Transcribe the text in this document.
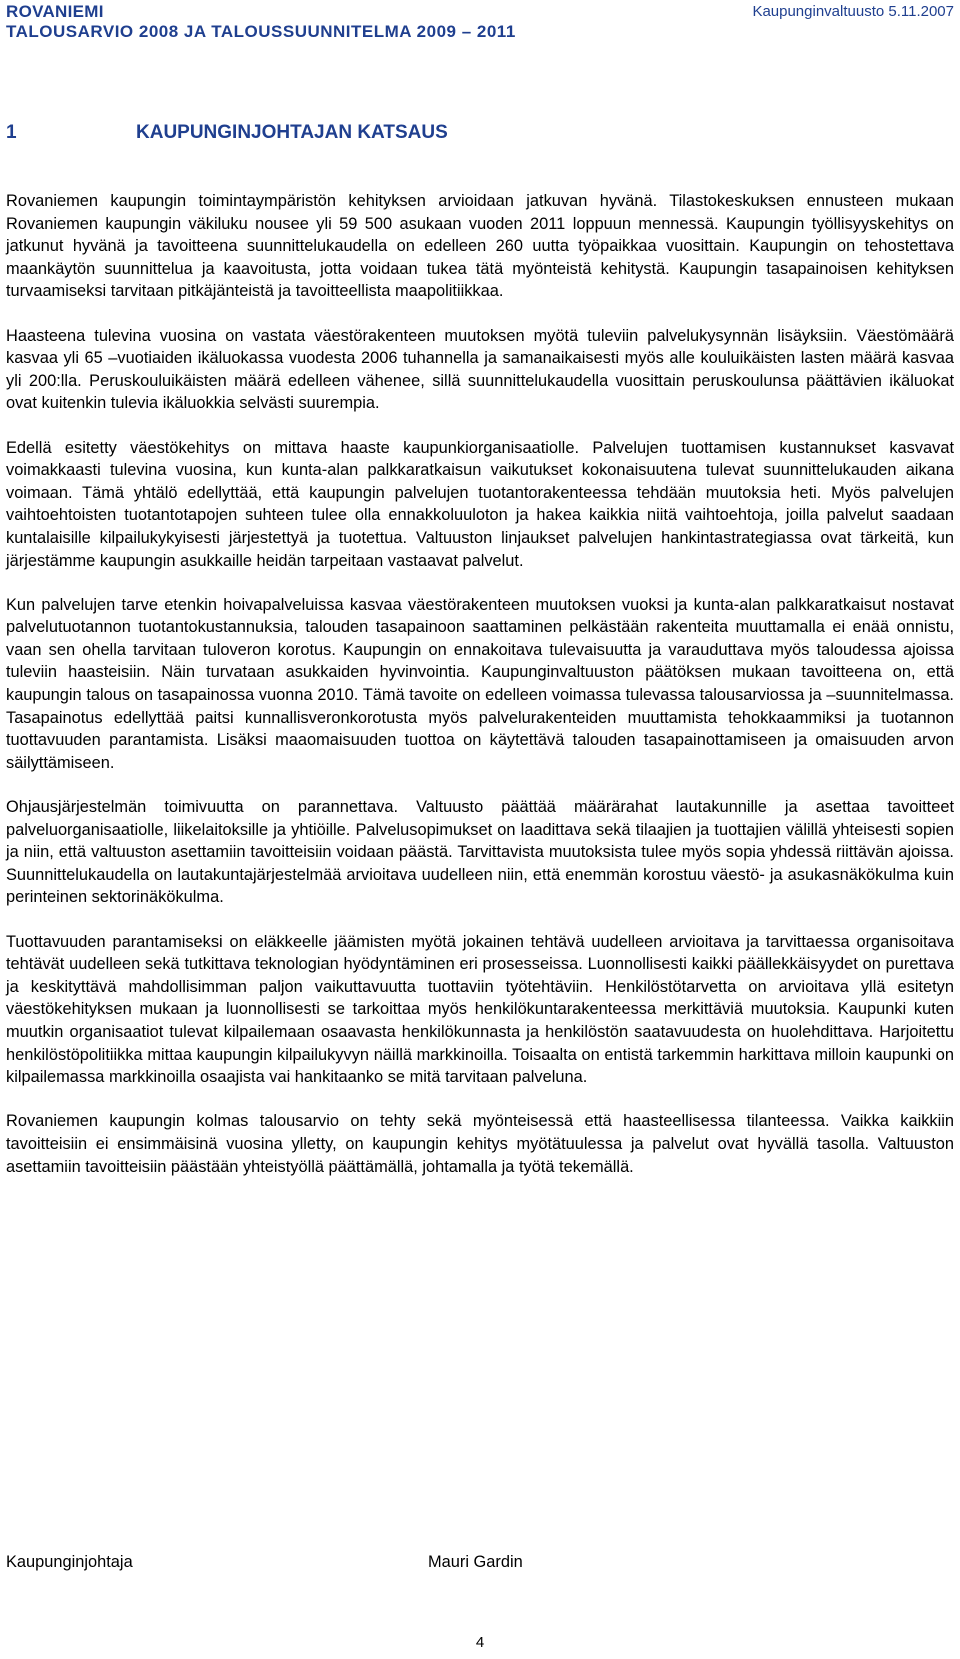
ROVANIEMI
TALOUSARVIO 2008 JA TALOUSSUUNNITELMA 2009 – 2011
Kaupunginvaltuusto 5.11.2007
1	KAUPUNGINJOHTAJAN KATSAUS

Rovaniemen kaupungin toimintaympäristön kehityksen arvioidaan jatkuvan hyvänä. Tilastokeskuksen ennusteen mukaan Rovaniemen kaupungin väkiluku nousee yli 59 500 asukaan vuoden 2011 loppuun mennessä. Kaupungin työllisyyskehitys on jatkunut hyvänä ja tavoitteena suunnittelukaudella on edelleen 260 uutta työpaikkaa vuosittain. Kaupungin on tehostettava maankäytön suunnittelua ja kaavoitusta, jotta voidaan tukea tätä myönteistä kehitystä. Kaupungin tasapainoisen kehityksen turvaamiseksi tarvitaan pitkäjänteistä ja tavoitteellista maapolitiikkaa.

Haasteena tulevina vuosina on vastata väestörakenteen muutoksen myötä tuleviin palvelukysynnän lisäyksiin. Väestömäärä kasvaa yli 65 –vuotiaiden ikäluokassa vuodesta 2006 tuhannella ja samanaikaisesti myös alle kouluikäisten lasten määrä kasvaa yli 200:lla. Peruskouluikäisten määrä edelleen vähenee, sillä suunnittelukaudella vuosittain peruskoulunsa päättävien ikäluokat ovat kuitenkin tulevia ikäluokkia selvästi suurempia.

Edellä esitetty väestökehitys on mittava haaste kaupunkiorganisaatiolle. Palvelujen tuottamisen kustannukset kasvavat voimakkaasti tulevina vuosina, kun kunta-alan palkkaratkaisun vaikutukset kokonaisuutena tulevat suunnittelukauden aikana voimaan. Tämä yhtälö edellyttää, että kaupungin palvelujen tuotantorakenteessa tehdään muutoksia heti. Myös palvelujen vaihtoehtoisten tuotantotapojen suhteen tulee olla ennakkoluuloton ja hakea kaikkia niitä vaihtoehtoja, joilla palvelut saadaan kuntalaisille kilpailukykyisesti järjestettyä ja tuotettua. Valtuuston linjaukset palvelujen hankintastrategiassa ovat tärkeitä, kun järjestämme kaupungin asukkaille heidän tarpeitaan vastaavat palvelut.

Kun palvelujen tarve etenkin hoivapalveluissa kasvaa väestörakenteen muutoksen vuoksi ja kunta-alan palkkaratkaisut nostavat palvelutuotannon tuotantokustannuksia, talouden tasapainoon saattaminen pelkästään rakenteita muuttamalla ei enää onnistu, vaan sen ohella tarvitaan tuloveron korotus. Kaupungin on ennakoitava tulevaisuutta ja varauduttava myös taloudessa ajoissa tuleviin haasteisiin. Näin turvataan asukkaiden hyvinvointia. Kaupunginvaltuuston päätöksen mukaan tavoitteena on, että kaupungin talous on tasapainossa vuonna 2010. Tämä tavoite on edelleen voimassa tulevassa talousarviossa ja –suunnitelmassa. Tasapainotus edellyttää paitsi kunnallisveronkorotusta myös palvelurakenteiden muuttamista tehokkaammiksi ja tuotannon tuottavuuden parantamista. Lisäksi maaomaisuuden tuottoa on käytettävä talouden tasapainottamiseen ja omaisuuden arvon säilyttämiseen.

Ohjausjärjestelmän toimivuutta on parannettava. Valtuusto päättää määrärahat lautakunnille ja asettaa tavoitteet palveluorganisaatiolle, liikelaitoksille ja yhtiöille. Palvelusopimukset on laadittava sekä tilaajien ja tuottajien välillä yhteisesti sopien ja niin, että valtuuston asettamiin tavoitteisiin voidaan päästä. Tarvittavista muutoksista tulee myös sopia yhdessä riittävän ajoissa. Suunnittelukaudella on lautakuntajärjestelmää arvioitava uudelleen niin, että enemmän korostuu väestö- ja asukasnäkökulma kuin perinteinen sektorinäkökulma.

Tuottavuuden parantamiseksi on eläkkeelle jäämisten myötä jokainen tehtävä uudelleen arvioitava ja tarvittaessa organisoitava tehtävät uudelleen sekä tutkittava teknologian hyödyntäminen eri prosesseissa. Luonnollisesti kaikki päällekkäisyydet on purettava ja keskityttävä mahdollisimman paljon vaikuttavuutta tuottaviin työtehtäviin. Henkilöstötarvetta on arvioitava yllä esitetyn väestökehityksen mukaan ja luonnollisesti se tarkoittaa myös henkilökuntarakenteessa merkittäviä muutoksia. Kaupunki kuten muutkin organisaatiot tulevat kilpailemaan osaavasta henkilökunnasta ja henkilöstön saatavuudesta on huolehdittava. Harjoitettu henkilöstöpolitiikka mittaa kaupungin kilpailukyvyn näillä markkinoilla. Toisaalta on entistä tarkemmin harkittava milloin kaupunki on kilpailemassa markkinoilla osaajista vai hankitaanko se mitä tarvitaan palveluna.

Rovaniemen kaupungin kolmas talousarvio on tehty sekä myönteisessä että haasteellisessa tilanteessa. Vaikka kaikkiin tavoitteisiin ei ensimmäisinä vuosina ylletty, on kaupungin kehitys myötätuulessa ja palvelut ovat hyvällä tasolla. Valtuuston asettamiin tavoitteisiin päästään yhteistyöllä päättämällä, johtamalla ja työtä tekemällä.

Kaupunginjohtaja	Mauri Gardin
4
